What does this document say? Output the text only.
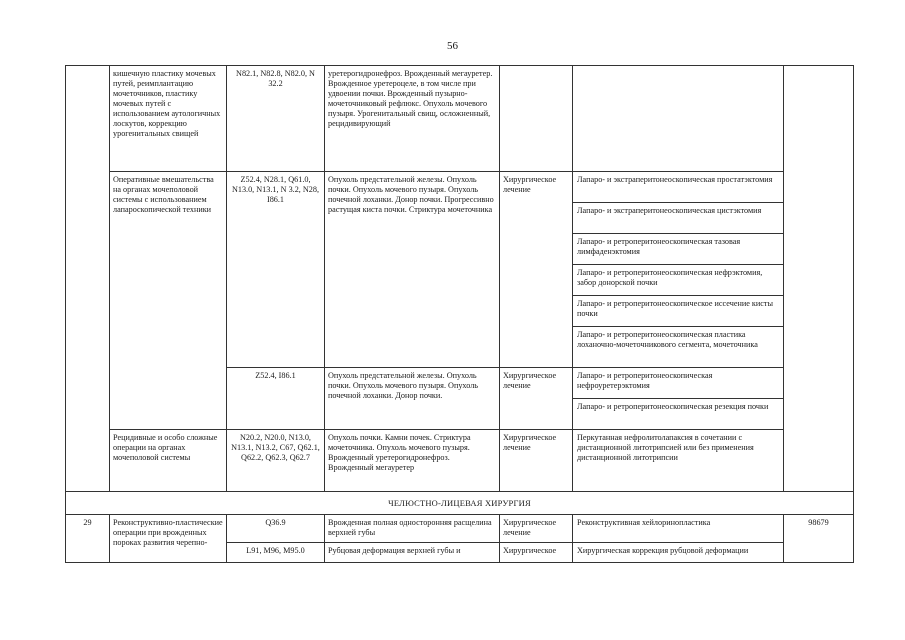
56
	кишечную пластику мочевых путей, реимплантацию мочеточников, пластику мочевых путей с использованием аутологичных лоскутов, коррекцию урогенитальных свищей	N82.1, N82.8, N82.0, N 32.2	уретерогидронефроз. Врожденный мегауретер. Врожденное уретероцеле, в том числе при удвоении почки. Врожденный пузырно-мочеточниковый рефлюкс. Опухоль мочевого пузыря. Урогенитальный свищ, осложненный, рецидивирующий			
	Оперативные вмешательства на органах мочеполовой системы с использованием лапароскопической техники	Z52.4, N28.1, Q61.0, N13.0, N13.1, N 3.2, N28, I86.1	Опухоль предстательной железы. Опухоль почки. Опухоль мочевого пузыря. Опухоль почечной лоханки. Донор почки. Прогрессивно растущая киста почки. Стриктура мочеточника	Хирургическое лечение	Лапаро- и экстраперитонеоскопическая простатэктомия	
					Лапаро- и экстраперитонеоскопическая цистэктомия	
					Лапаро- и ретроперитонеоскопическая тазовая лимфаденэктомия	
					Лапаро- и ретроперитонеоскопическая нефрэктомия, забор донорской почки	
					Лапаро- и ретроперитонеоскопическое иссечение кисты почки	
					Лапаро- и ретроперитонеоскопическая пластика лоханочно-мочеточникового сегмента, мочеточника	
		Z52.4, I86.1	Опухоль предстательной железы. Опухоль почки. Опухоль мочевого пузыря. Опухоль почечной лоханки. Донор почки.	Хирургическое лечение	Лапаро- и ретроперитонеоскопическая нефроуретерэктомия	
					Лапаро- и ретроперитонеоскопическая резекция почки	
	Рецидивные и особо сложные операции на органах мочеполовой системы	N20.2, N20.0, N13.0, N13.1, N13.2, C67, Q62.1, Q62.2, Q62.3, Q62.7	Опухоль почки. Камни почек. Стриктура мочеточника. Опухоль мочевого пузыря. Врожденный уретерогидронефроз. Врожденный мегауретер	Хирургическое лечение	Перкутанная нефролитолапаксия в сочетании с дистанционной литотрипсией или без применения дистанционной литотрипсии	
ЧЕЛЮСТНО-ЛИЦЕВАЯ ХИРУРГИЯ						
29	Реконструктивно-пластические операции при врожденных пороках развития черепно-	Q36.9	Врожденная полная односторонняя расщелина верхней губы	Хирургическое лечение	Реконструктивная хейлоринопластика	98679
		L91, M96, M95.0	Рубцовая деформация верхней губы и	Хирургическое	Хирургическая коррекция рубцовой деформации	
